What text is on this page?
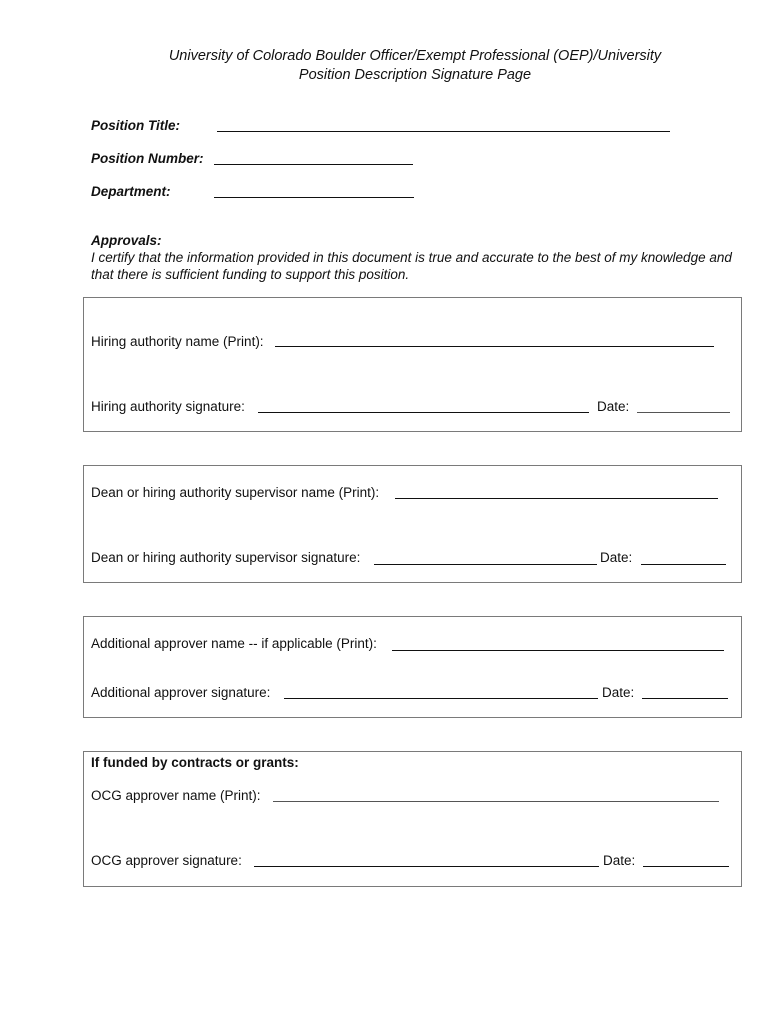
University of Colorado Boulder Officer/Exempt Professional (OEP)/University
Position Description Signature Page
Position Title:
Position Number:
Department:
Approvals:
I certify that the information provided in this document is true and accurate to the best of my knowledge and that there is sufficient funding to support this position.
Hiring authority name (Print):
Hiring authority signature:	Date:
Dean or hiring authority supervisor name (Print):
Dean or hiring authority supervisor signature:	Date:
Additional approver name -- if applicable (Print):
Additional approver signature:	Date:
If funded by contracts or grants:
OCG approver name (Print):
OCG approver signature:	Date:
